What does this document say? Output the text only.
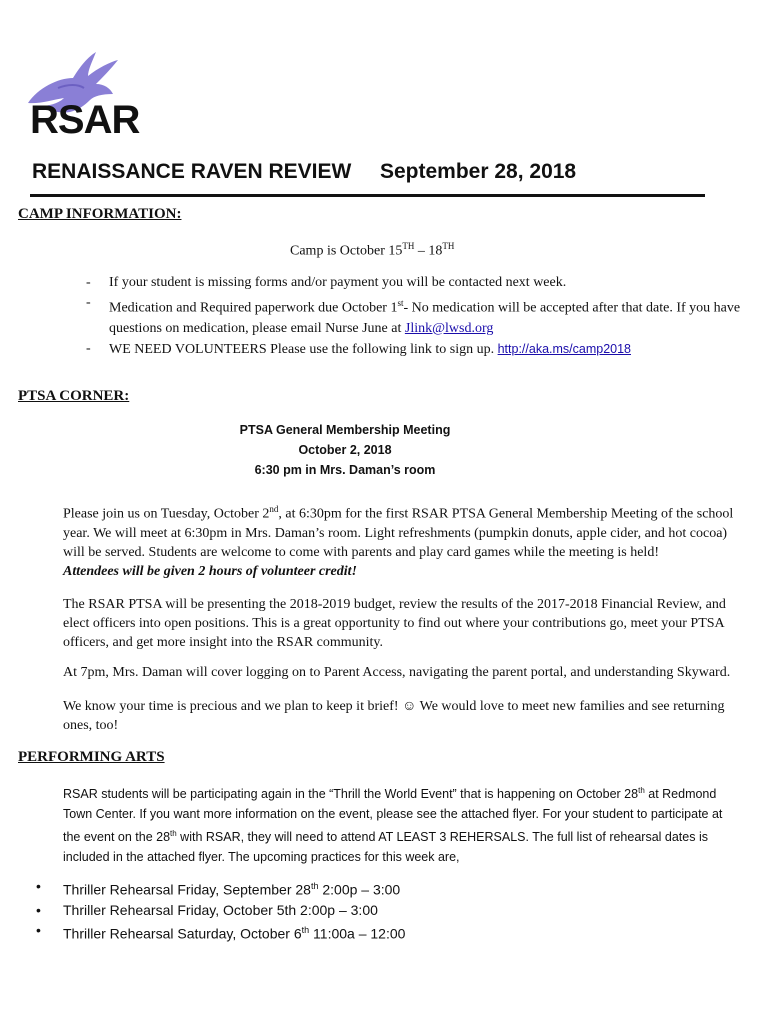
RSAR
RENAISSANCE RAVEN REVIEW September 28, 2018
CAMP INFORMATION:
Camp is October 15TH – 18TH
-	If your student is missing forms and/or payment you will be contacted next week.
-	Medication and Required paperwork due October 1st- No medication will be accepted after that date. If you have questions on medication, please email Nurse June at Jlink@lwsd.org
-	WE NEED VOLUNTEERS Please use the following link to sign up. http://aka.ms/camp2018
PTSA CORNER:
PTSA General Membership Meeting
October 2, 2018
6:30 pm in Mrs. Daman’s room
Please join us on Tuesday, October 2nd, at 6:30pm for the first RSAR PTSA General Membership Meeting of the school year. We will meet at 6:30pm in Mrs. Daman’s room. Light refreshments (pumpkin donuts, apple cider, and hot cocoa) will be served. Students are welcome to come with parents and play card games while the meeting is held!
Attendees will be given 2 hours of volunteer credit!
The RSAR PTSA will be presenting the 2018-2019 budget, review the results of the 2017-2018 Financial Review, and elect officers into open positions. This is a great opportunity to find out where your contributions go, meet your PTSA officers, and get more insight into the RSAR community.
At 7pm, Mrs. Daman will cover logging on to Parent Access, navigating the parent portal, and understanding Skyward.
We know your time is precious and we plan to keep it brief! ☺ We would love to meet new families and see returning ones, too!
PERFORMING ARTS
RSAR students will be participating again in the “Thrill the World Event” that is happening on October 28th at Redmond Town Center. If you want more information on the event, please see the attached flyer. For your student to participate at the event on the 28th with RSAR, they will need to attend AT LEAST 3 REHERSALS. The full list of rehearsal dates is included in the attached flyer. The upcoming practices for this week are,
•	Thriller Rehearsal Friday, September 28th 2:00p – 3:00
•	Thriller Rehearsal Friday, October 5th 2:00p – 3:00
•	Thriller Rehearsal Saturday, October 6th 11:00a – 12:00
